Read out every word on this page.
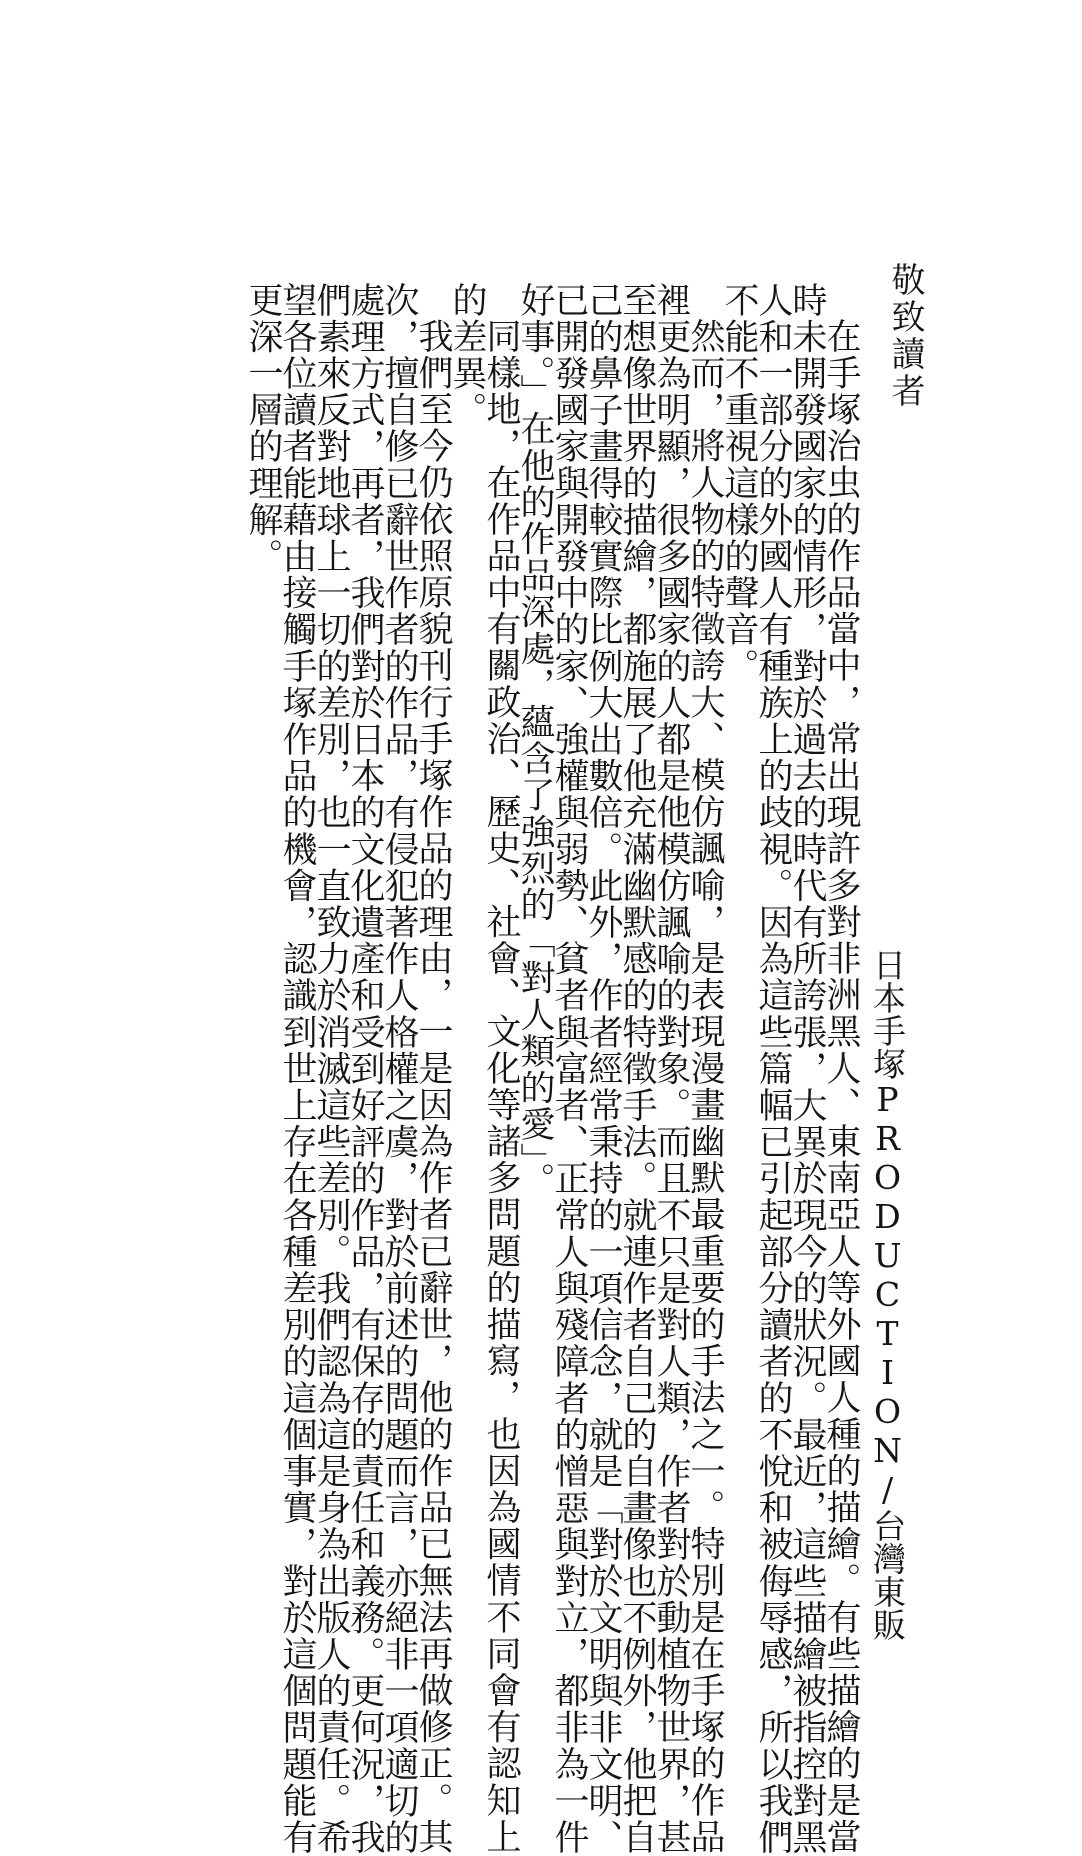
敬致讀者
在手塚治虫的作品當中，常出現許多對非洲黑人、東南亞人等外國人種的描繪。有些描繪的是當
時未開發國家的情形，對於過去的時代有所誇張，大異於現今的狀況。最近，這些描繪被指控對黑
人和一部分的外國人有種族上的歧視。因為這些篇幅已引起部分讀者的不悅和被侮辱感，所以我們
不能不重視這樣的聲音。
然而，將人物的特徵誇大、模仿諷喻，是表現漫畫幽默最重要的手法之一。特別是在手塚的作品
裡更為明顯，很多國家的人都是他模仿諷喻的對象。而且不只是對人類，作者對於動植物世界，甚
至想像世界的描繪，都施展了他充滿幽默感的特徵手法。就連作者自己的自畫像也不例外，他把自
己的鼻子畫得較實際比例大出數倍。此外，作者經常秉持的一項信念，就是「對於文明與非文明、
已開發國家與開發中的家、強權與弱勢、貧者與富者、正常人與殘障者的憎惡與對立，都非為一件
好事。」在他的作品深處，蘊含了強烈的「對人類的愛」。
同樣地，在作品中有關政治、歷史、社會、文化等諸多問題的描寫，也因為國情不同會有認知上
的差異。
我們至今仍依照原貌刊行手塚作品的理由，一是因為作者已辭世，他的作品已無法再做修正。其
次，擅自修已辭世作者的作品，有侵犯著作人格權之虞，對於前述的問題而言，亦絕非一項適切的
處理方式，再者，我們對於日本的文化遺產和受到好評的作品，有保存的責任和義務。更何況，我
們素來反對地球上一切的差別，也一直致力於消滅這些差別。我們認為這是身為出版人的責任。希
望各位讀者能藉由接觸手塚作品的機會，認識到世上存在各種差別的這個事實，對於這個問題能有
更深一層的理解。
日本手塚PRODUCTION/台灣東販
